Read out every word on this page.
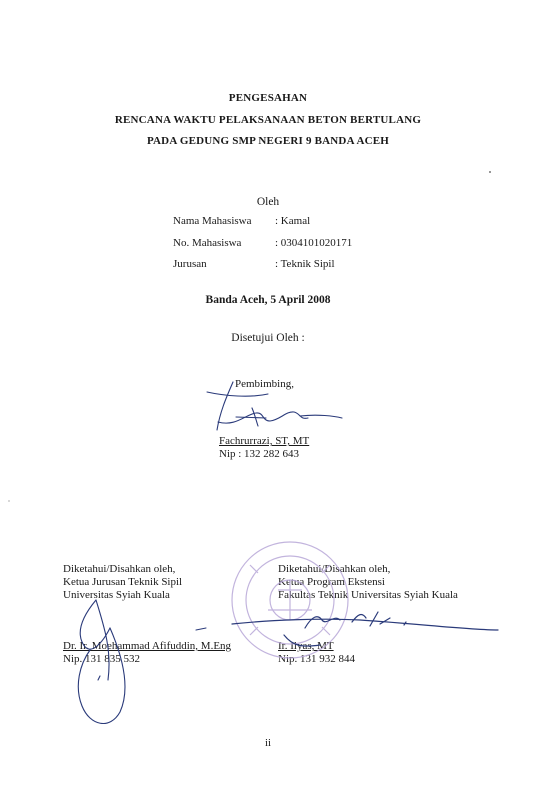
PENGESAHAN
RENCANA WAKTU PELAKSANAAN BETON BERTULANG
PADA GEDUNG SMP NEGERI 9 BANDA ACEH
Oleh
Nama Mahasiswa : Kamal
No. Mahasiswa	: 0304101020171
Jurusan	: Teknik Sipil
Banda Aceh, 5 April 2008
Disetujui Oleh :
Pembimbing,
Fachrurrazi, ST, MT
Nip : 132 282 643
Diketahui/Disahkan oleh,
Ketua Jurusan Teknik Sipil
Universitas Syiah Kuala
Dr. Ir. Moehammad Afifuddin, M.Eng
Nip. 131 835 532
Diketahui/Disahkan oleh,
Ketua Program Ekstensi
Fakultas Teknik Universitas Syiah Kuala
Ir. Ilyas, MT
Nip. 131 932 844
ii
